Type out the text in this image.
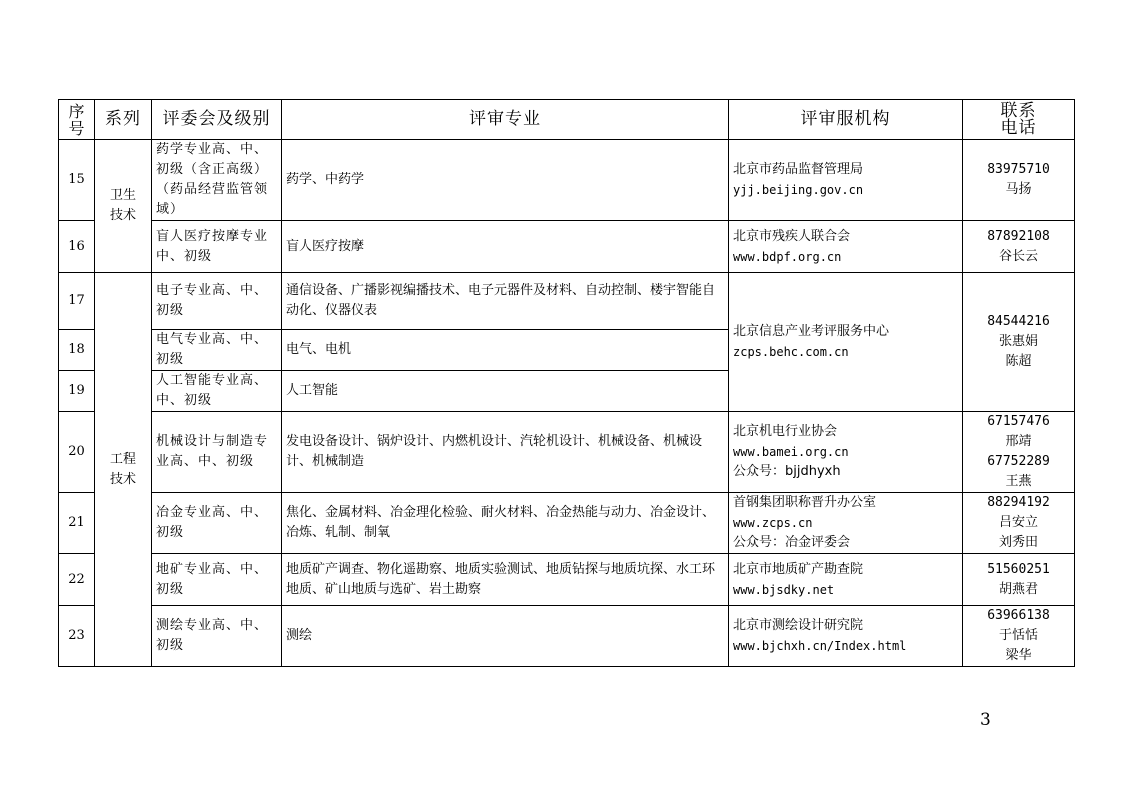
序号	系列	评委会及级别	评审专业	评审服机构	联系电话
15	卫生技术	药学专业高、中、初级（含正高级）（药品经营监管领域）	药学、中药学	北京市药品监督管理局
yjj.beijing.gov.cn	83975710
马扬

16		盲人医疗按摩专业中、初级	盲人医疗按摩	北京市残疾人联合会
www.bdpf.org.cn	87892108
谷长云

17	工程技术	电子专业高、中、初级	通信设备、广播影视编播技术、电子元器件及材料、自动控制、楼宇智能自动化、仪器仪表	北京信息产业考评服务中心
zcps.behc.com.cn	84544216
张惠娟
陈超

18		电气专业高、中、初级	电气、电机		
19		人工智能专业高、中、初级	人工智能		
20		机械设计与制造专业高、中、初级	发电设备设计、锅炉设计、内燃机设计、汽轮机设计、机械设备、机械设计、机械制造	北京机电行业协会
www.bamei.org.cn
公众号：bjjdhyxh	67157476
邢靖
67752289
王燕

21		冶金专业高、中、初级	焦化、金属材料、冶金理化检验、耐火材料、冶金热能与动力、冶金设计、冶炼、轧制、制氧	首钢集团职称晋升办公室
www.zcps.cn
公众号：冶金评委会	88294192
吕安立
刘秀田

22		地矿专业高、中、初级	地质矿产调查、物化遥勘察、地质实验测试、地质钻探与地质坑探、水工环地质、矿山地质与选矿、岩土勘察	北京市地质矿产勘查院
www.bjsdky.net	51560251
胡燕君

23		测绘专业高、中、初级	测绘	北京市测绘设计研究院
www.bjchxh.cn/Index.html	63966138
于恬恬
梁华
3
